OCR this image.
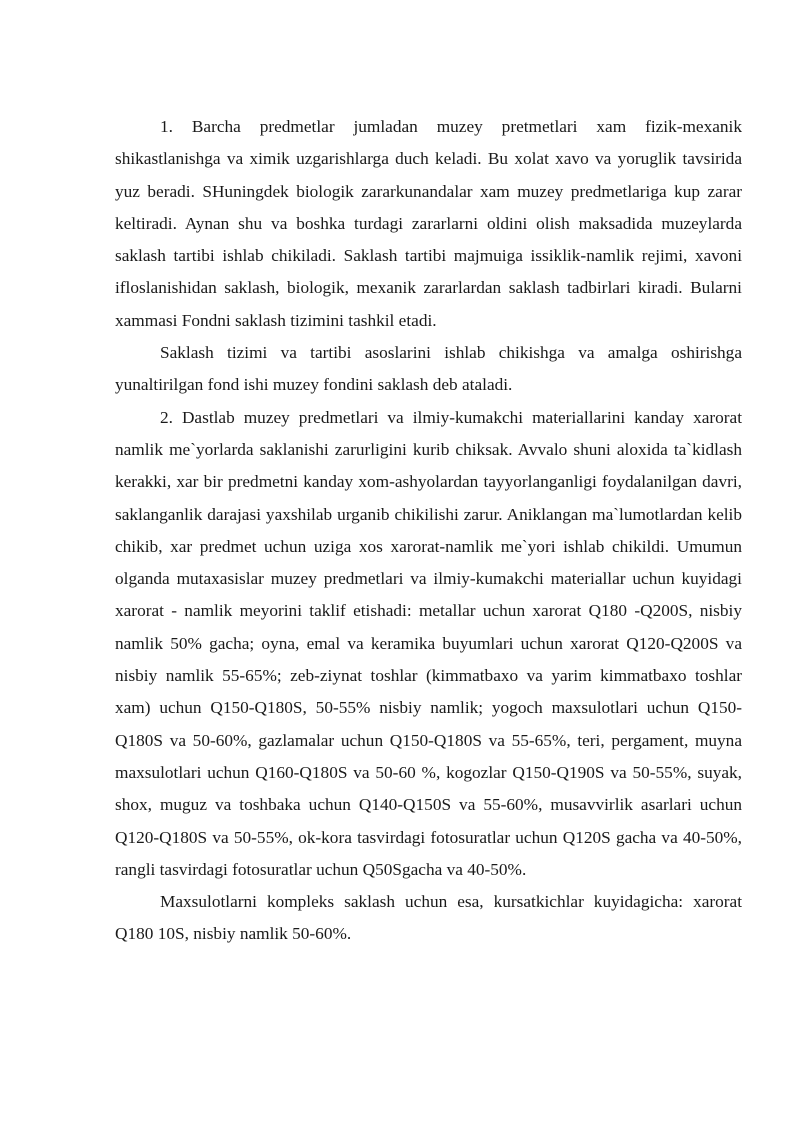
1. Barcha predmetlar jumladan muzey pretmetlari xam fizik-mexanik shikastlanishga va ximik uzgarishlarga duch keladi. Bu xolat xavo va yoruglik tavsirida yuz beradi. SHuningdek biologik zararkunandalar xam muzey predmetlariga kup zarar keltiradi. Aynan shu va boshka turdagi zararlarni oldini olish maksadida muzeylarda saklash tartibi ishlab chikiladi. Saklash tartibi majmuiga issiklik-namlik rejimi, xavoni ifloslanishidan saklash, biologik, mexanik zararlardan saklash tadbirlari kiradi. Bularni xammasi Fondni saklash tizimini tashkil etadi.

Saklash tizimi va tartibi asoslarini ishlab chikishga va amalga oshirishga yunaltirilgan fond ishi muzey fondini saklash deb ataladi.

2. Dastlab muzey predmetlari va ilmiy-kumakchi materiallarini kanday xarorat namlik me`yorlarda saklanishi zarurligini kurib chiksak. Avvalo shuni aloxida ta`kidlash kerakki, xar bir predmetni kanday xom-ashyolardan tayyorlanganligi foydalanilgan davri, saklanganlik darajasi yaxshilab urganib chikilishi zarur. Aniklangan ma`lumotlardan kelib chikib, xar predmet uchun uziga xos xarorat-namlik me`yori ishlab chikildi. Umumun olganda mutaxasislar muzey predmetlari va ilmiy-kumakchi materiallar uchun kuyidagi xarorat - namlik meyorini taklif etishadi: metallar uchun xarorat Q180 -Q200S, nisbiy namlik 50% gacha; oyna, emal va keramika buyumlari uchun xarorat Q120-Q200S va nisbiy namlik 55-65%; zeb-ziynat toshlar (kimmatbaxo va yarim kimmatbaxo toshlar xam) uchun Q150-Q180S, 50-55% nisbiy namlik; yogoch maxsulotlari uchun Q150-Q180S va 50-60%, gazlamalar uchun Q150-Q180S va 55-65%, teri, pergament, muyna maxsulotlari uchun Q160-Q180S va 50-60 %, kogozlar Q150-Q190S va 50-55%, suyak, shox, muguz va toshbaka uchun Q140-Q150S va 55-60%, musavvirlik asarlari uchun Q120-Q180S va 50-55%, ok-kora tasvirdagi fotosuratlar uchun Q120S gacha va 40-50%, rangli tasvirdagi fotosuratlar uchun Q50Sgacha va 40-50%.

Maxsulotlarni kompleks saklash uchun esa, kursatkichlar kuyidagicha: xarorat Q180 10S, nisbiy namlik 50-60%.
